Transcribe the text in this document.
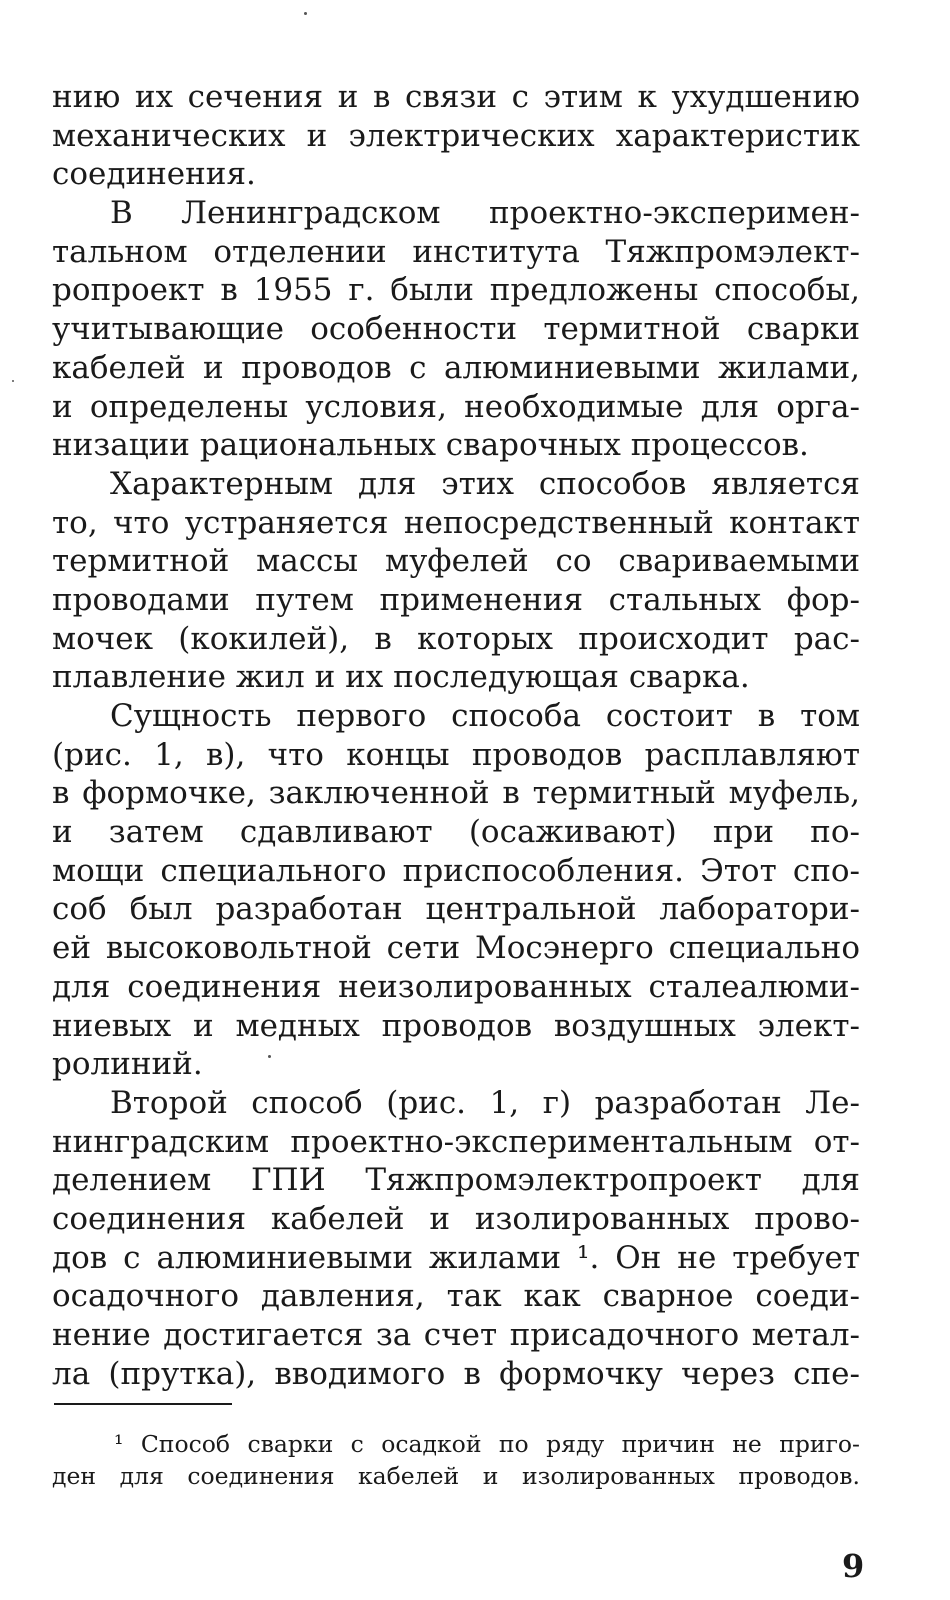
нию их сечения и в связи с этим к ухудшению
механических и электрических характеристик
соединения.
В Ленинградском проектно-эксперимен-
тальном отделении института Тяжпромэлект-
ропроект в 1955 г. были предложены способы,
учитывающие особенности термитной сварки
кабелей и проводов с алюминиевыми жилами,
и определены условия, необходимые для орга-
низации рациональных сварочных процессов.
Характерным для этих способов является
то, что устраняется непосредственный контакт
термитной массы муфелей со свариваемыми
проводами путем применения стальных фор-
мочек (кокилей), в которых происходит рас-
плавление жил и их последующая сварка.
Сущность первого способа состоит в том
(рис. 1, в), что концы проводов расплавляют
в формочке, заключенной в термитный муфель,
и затем сдавливают (осаживают) при по-
мощи специального приспособления. Этот спо-
соб был разработан центральной лаборатори-
ей высоковольтной сети Мосэнерго специально
для соединения неизолированных сталеалюми-
ниевых и медных проводов воздушных элект-
ролиний.
Второй способ (рис. 1, г) разработан Ле-
нинградским проектно-экспериментальным от-
делением ГПИ Тяжпромэлектропроект для
соединения кабелей и изолированных прово-
дов с алюминиевыми жилами ¹. Он не требует
осадочного давления, так как сварное соеди-
нение достигается за счет присадочного метал-
ла (прутка), вводимого в формочку через спе-
¹ Способ сварки с осадкой по ряду причин не приго-
ден для соединения кабелей и изолированных проводов.
9
